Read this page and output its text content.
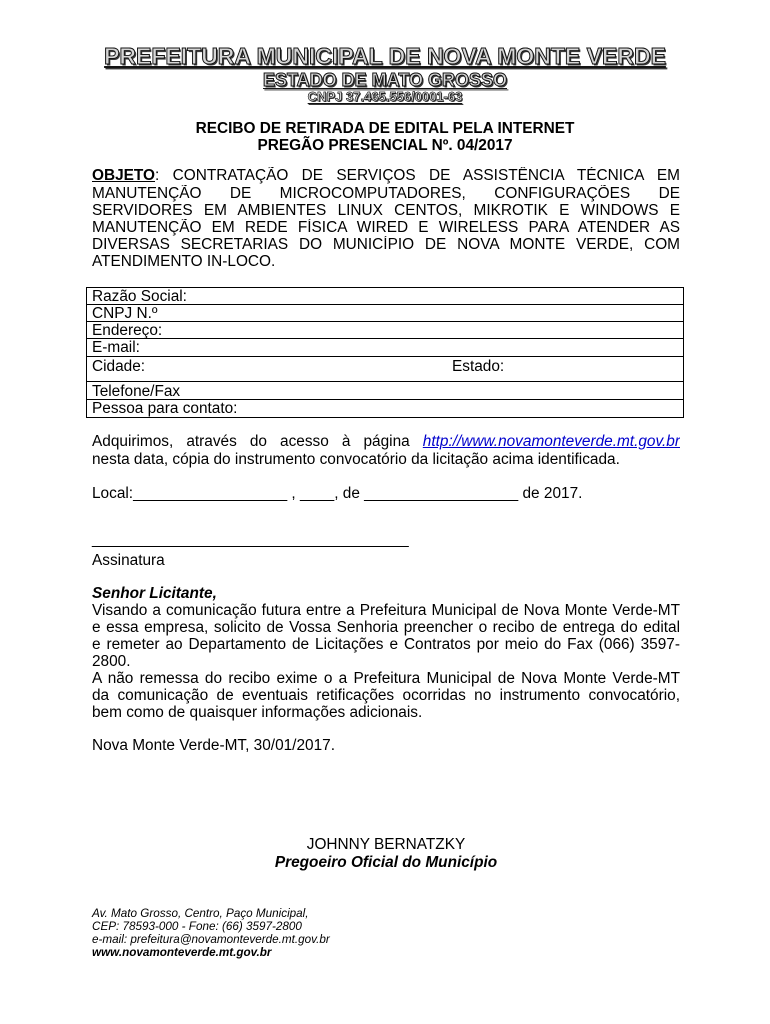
PREFEITURA MUNICIPAL DE NOVA MONTE VERDE
ESTADO DE MATO GROSSO
CNPJ 37.465.556/0001-63
RECIBO DE RETIRADA DE EDITAL PELA INTERNET
PREGÃO PRESENCIAL Nº. 04/2017
OBJETO: CONTRATAÇÃO DE SERVIÇOS DE ASSISTÊNCIA TÉCNICA EM
MANUTENÇÃO DE MICROCOMPUTADORES, CONFIGURAÇÕES DE
SERVIDORES EM AMBIENTES LINUX CENTOS, MIKROTIK E WINDOWS E
MANUTENÇÃO EM REDE FÍSICA WIRED E WIRELESS PARA ATENDER AS
DIVERSAS SECRETARIAS DO MUNICÍPIO DE NOVA MONTE VERDE, COM
ATENDIMENTO IN-LOCO.
Razão Social:
CNPJ N.º
Endereço:
E-mail:
Cidade:	Estado:
Telefone/Fax
Pessoa para contato:
Adquirimos, através do acesso à página http://www.novamonteverde.mt.gov.br
nesta data, cópia do instrumento convocatório da licitação acima identificada.
Local:__________________ , ____, de __________________ de 2017.
_____________________________________
Assinatura
Senhor Licitante,
Visando a comunicação futura entre a Prefeitura Municipal de Nova Monte Verde-MT
e essa empresa, solicito de Vossa Senhoria preencher o recibo de entrega do edital
e remeter ao Departamento de Licitações e Contratos por meio do Fax (066) 3597-
2800.
A não remessa do recibo exime o a Prefeitura Municipal de Nova Monte Verde-MT
da comunicação de eventuais retificações ocorridas no instrumento convocatório,
bem como de quaisquer informações adicionais.
Nova Monte Verde-MT, 30/01/2017.
JOHNNY BERNATZKY
Pregoeiro Oficial do Município
Av. Mato Grosso, Centro, Paço Municipal,
CEP: 78593-000 - Fone: (66) 3597-2800
e-mail: prefeitura@novamonteverde.mt.gov.br
www.novamonteverde.mt.gov.br
